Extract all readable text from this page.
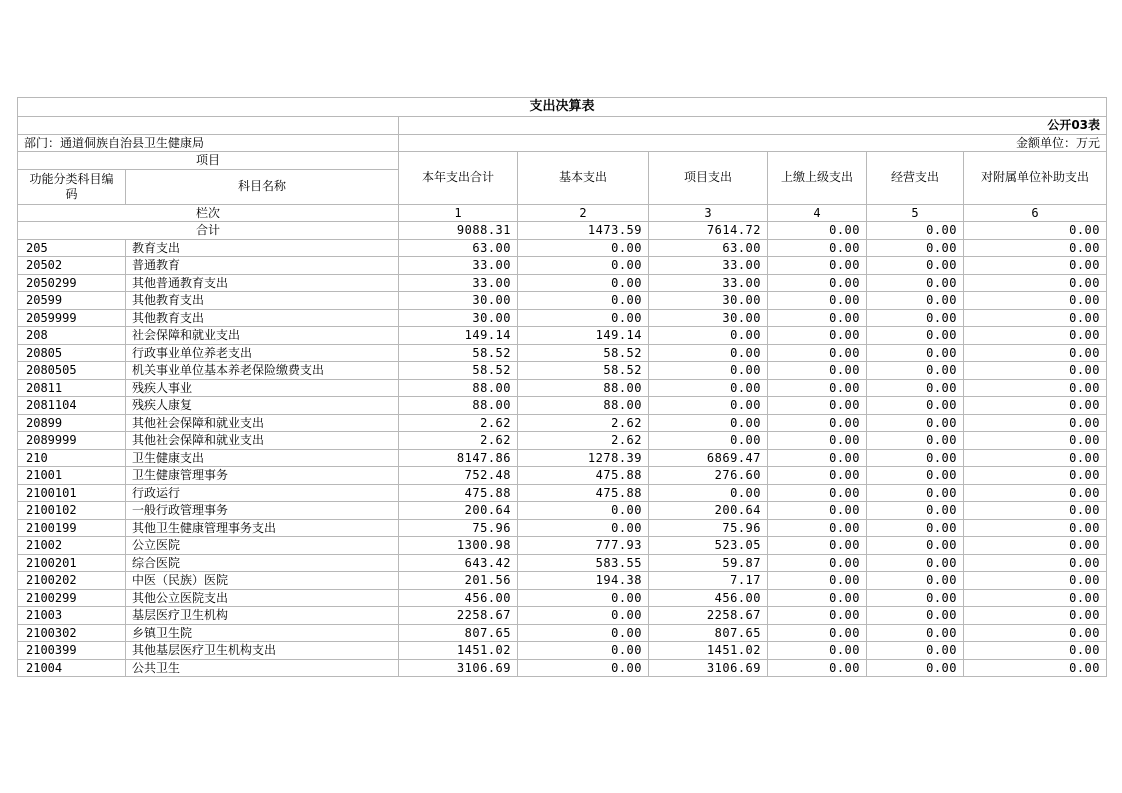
支出决算表							
		公开03表					
部门：通道侗族自治县卫生健康局		金额单位：万元					
项目		本年支出合计	基本支出	项目支出	上缴上级支出	经营支出	对附属单位补助支出
功能分类科目编码	科目名称						
栏次		1	2	3	4	5	6
合计		9088.31	1473.59	7614.72	0.00	0.00	0.00
205	教育支出	63.00	0.00	63.00	0.00	0.00	0.00
20502	普通教育	33.00	0.00	33.00	0.00	0.00	0.00
2050299	其他普通教育支出	33.00	0.00	33.00	0.00	0.00	0.00
20599	其他教育支出	30.00	0.00	30.00	0.00	0.00	0.00
2059999	其他教育支出	30.00	0.00	30.00	0.00	0.00	0.00
208	社会保障和就业支出	149.14	149.14	0.00	0.00	0.00	0.00
20805	行政事业单位养老支出	58.52	58.52	0.00	0.00	0.00	0.00
2080505	机关事业单位基本养老保险缴费支出	58.52	58.52	0.00	0.00	0.00	0.00
20811	残疾人事业	88.00	88.00	0.00	0.00	0.00	0.00
2081104	残疾人康复	88.00	88.00	0.00	0.00	0.00	0.00
20899	其他社会保障和就业支出	2.62	2.62	0.00	0.00	0.00	0.00
2089999	其他社会保障和就业支出	2.62	2.62	0.00	0.00	0.00	0.00
210	卫生健康支出	8147.86	1278.39	6869.47	0.00	0.00	0.00
21001	卫生健康管理事务	752.48	475.88	276.60	0.00	0.00	0.00
2100101	行政运行	475.88	475.88	0.00	0.00	0.00	0.00
2100102	一般行政管理事务	200.64	0.00	200.64	0.00	0.00	0.00
2100199	其他卫生健康管理事务支出	75.96	0.00	75.96	0.00	0.00	0.00
21002	公立医院	1300.98	777.93	523.05	0.00	0.00	0.00
2100201	综合医院	643.42	583.55	59.87	0.00	0.00	0.00
2100202	中医（民族）医院	201.56	194.38	7.17	0.00	0.00	0.00
2100299	其他公立医院支出	456.00	0.00	456.00	0.00	0.00	0.00
21003	基层医疗卫生机构	2258.67	0.00	2258.67	0.00	0.00	0.00
2100302	乡镇卫生院	807.65	0.00	807.65	0.00	0.00	0.00
2100399	其他基层医疗卫生机构支出	1451.02	0.00	1451.02	0.00	0.00	0.00
21004	公共卫生	3106.69	0.00	3106.69	0.00	0.00	0.00
